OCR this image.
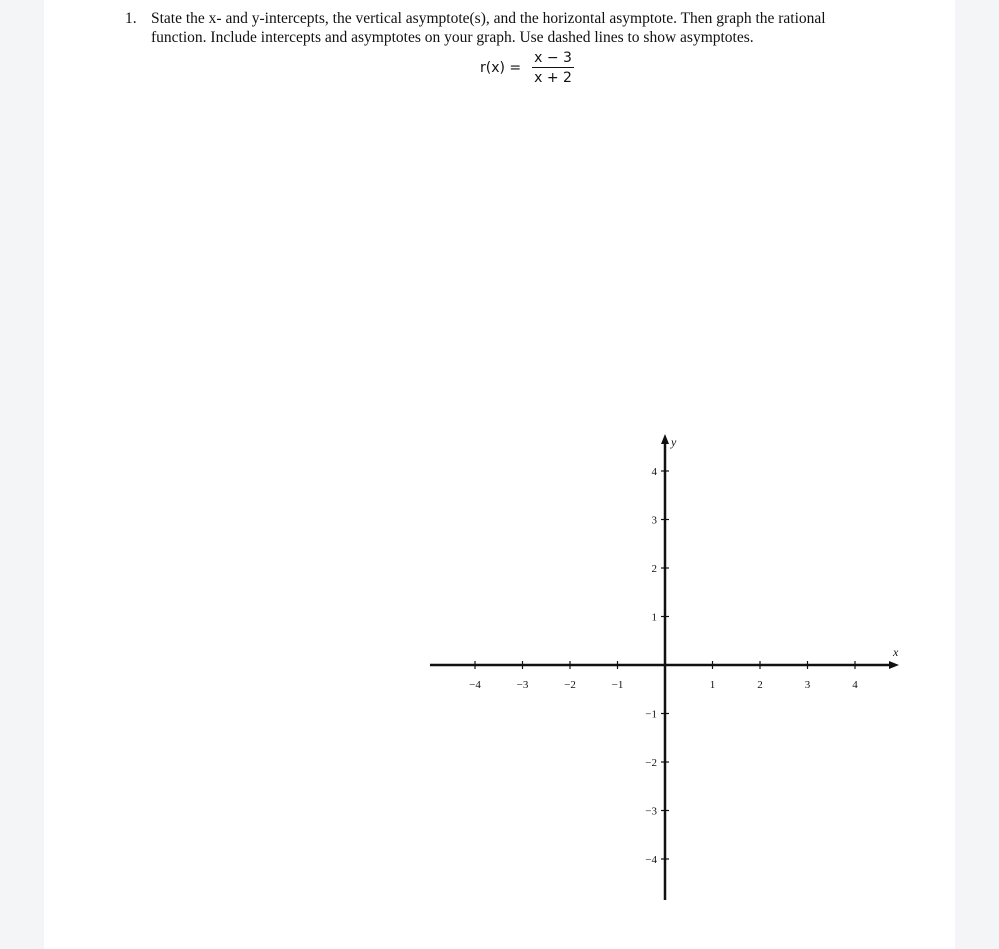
1. State the x- and y-intercepts, the vertical asymptote(s), and the horizontal asymptote. Then graph the rational function. Include intercepts and asymptotes on your graph. Use dashed lines to show asymptotes.
r(x) =
x − 3
x + 2
x
y
−4	−3	−2	−1	1	2	3	4
4
3
2
1
−1
−2
−3
−4
